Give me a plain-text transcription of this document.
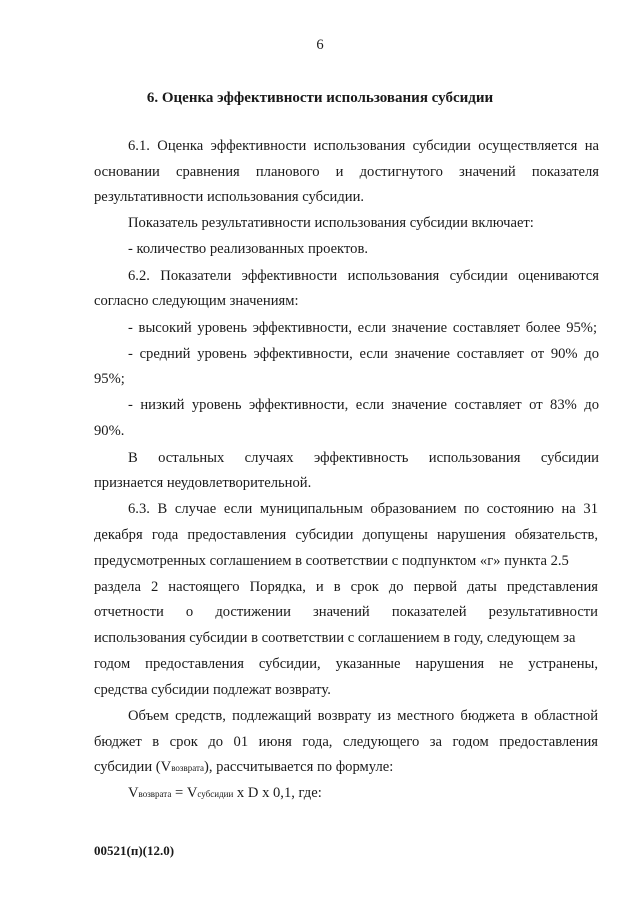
6
6. Оценка эффективности использования субсидии
6.1. Оценка эффективности использования субсидии осуществляется на
основании сравнения планового и достигнутого значений показателя
результативности использования субсидии.
Показатель результативности использования субсидии включает:
- количество реализованных проектов.
6.2. Показатели эффективности использования субсидии оцениваются
согласно следующим значениям:
- высокий уровень эффективности, если значение составляет более 95%;
- средний уровень эффективности, если значение составляет от 90% до
95%;
- низкий уровень эффективности, если значение составляет от 83% до
90%.
В остальных случаях эффективность использования субсидии
признается неудовлетворительной.
6.3. В случае если муниципальным образованием по состоянию на 31
декабря года предоставления субсидии допущены нарушения обязательств,
предусмотренных соглашением в соответствии с подпунктом «г» пункта 2.5
раздела 2 настоящего Порядка, и в срок до первой даты представления
отчетности о достижении значений показателей результативности
использования субсидии в соответствии с соглашением в году, следующем за
годом предоставления субсидии, указанные нарушения не устранены,
средства субсидии подлежат возврату.
Объем средств, подлежащий возврату из местного бюджета в областной
бюджет в срок до 01 июня года, следующего за годом предоставления
субсидии (Vвозврата), рассчитывается по формуле:
Vвозврата = Vсубсидии x D x 0,1, где:
00521(п)(12.0)
